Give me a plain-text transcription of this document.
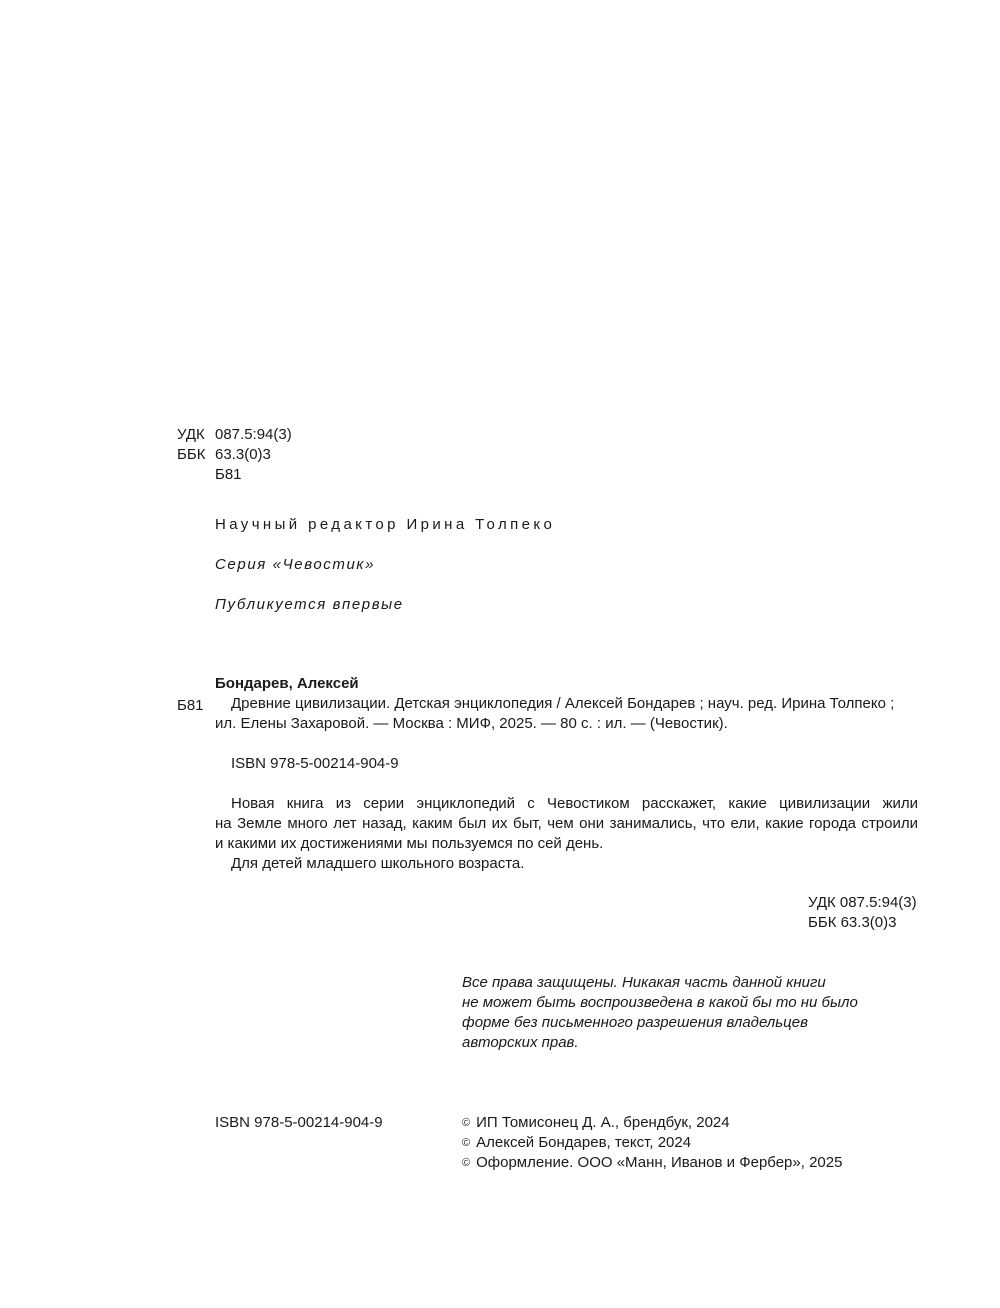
УДК 087.5:94(3)
ББК 63.3(0)3
Б81
Научный редактор Ирина Толпеко
Серия «Чевостик»
Публикуется впервые
Бондарев, Алексей
Б81 Древние цивилизации. Детская энциклопедия / Алексей Бондарев ; науч. ред. Ирина Толпеко ;
ил. Елены Захаровой. — Москва : МИФ, 2025. — 80 с. : ил. — (Чевостик).
ISBN 978-5-00214-904-9
Новая книга из серии энциклопедий с Чевостиком расскажет, какие цивилизации жили
на Земле много лет назад, каким был их быт, чем они занимались, что ели, какие города строили
и какими их достижениями мы пользуемся по сей день.
Для детей младшего школьного возраста.
УДК 087.5:94(3)
ББК 63.3(0)3
Все права защищены. Никакая часть данной книги
не может быть воспроизведена в какой бы то ни было
форме без письменного разрешения владельцев
авторских прав.
ISBN 978-5-00214-904-9	© ИП Томисонец Д. А., брендбук, 2024
© Алексей Бондарев, текст, 2024
© Оформление. ООО «Манн, Иванов и Фербер», 2025
